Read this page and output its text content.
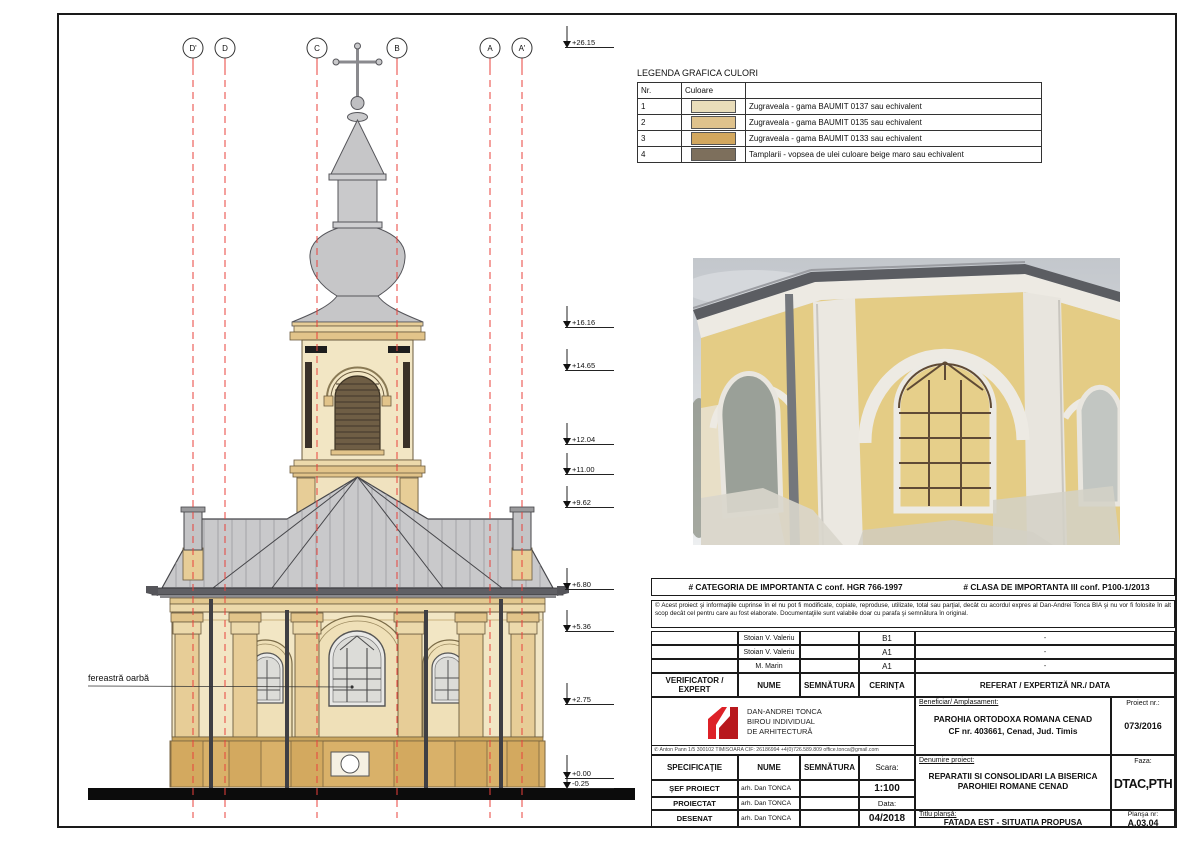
fereastră oarbă
D'	D	C	B	A	A'
+26.15
+16.16
+14.65
+12.04
+11.00
+9.62
+6.80
+5.36
+2.75
+0.00
-0.25
LEGENDA GRAFICA CULORI
Nr.	Culoare	
1		Zugraveala - gama BAUMIT 0137 sau echivalent
2		Zugraveala - gama BAUMIT 0135 sau echivalent
3		Zugraveala - gama BAUMIT 0133 sau echivalent
4		Tamplarii - vopsea de ulei culoare beige maro sau echivalent
# CATEGORIA DE IMPORTANTA C conf. HGR 766-1997	# CLASA DE IMPORTANTA III conf. P100-1/2013
© Acest proiect şi informaţiile cuprinse în el nu pot fi modificate, copiate, reproduse, utilizate, total sau parţial, decât cu acordul expres al Dan-Andrei Tonca BIA şi nu vor fi folosite în alt scop decât cel pentru care au fost elaborate. Documentaţiile sunt valabile doar cu parafa şi semnătura în original.
Stoian V. Valeriu	B1	-
Stoian V. Valeriu	A1	-
M. Marin	A1	-
VERIFICATOR / EXPERT	NUME	SEMNĂTURA	CERINŢA	REFERAT / EXPERTIZĂ NR./ DATA
DAN-ANDREI TONCA
BIROU INDIVIDUAL
DE ARHITECTURĂ
✆ Anton Pann 1/5 300102 TIMISOARA CIF: 26186994 +4(0)726.589.809 office.tonca@gmail.com
Beneficiar/ Amplasament:
PAROHIA ORTODOXA ROMANA CENAD
CF nr. 403661, Cenad, Jud. Timis
Proiect nr.:
073/2016
SPECIFICAŢIE	NUME	SEMNĂTURA	Scara:
ŞEF PROIECT	arh. Dan TONCA	1:100
PROIECTAT	arh. Dan TONCA	Data:
DESENAT	arh. Dan TONCA	04/2018
Denumire proiect:
REPARATII SI CONSOLIDARI LA BISERICA PAROHIEI ROMANE CENAD
Faza:
DTAC,PTH
Titlu planşă:
FATADA EST - SITUATIA PROPUSA
Planşa nr:
A.03.04
